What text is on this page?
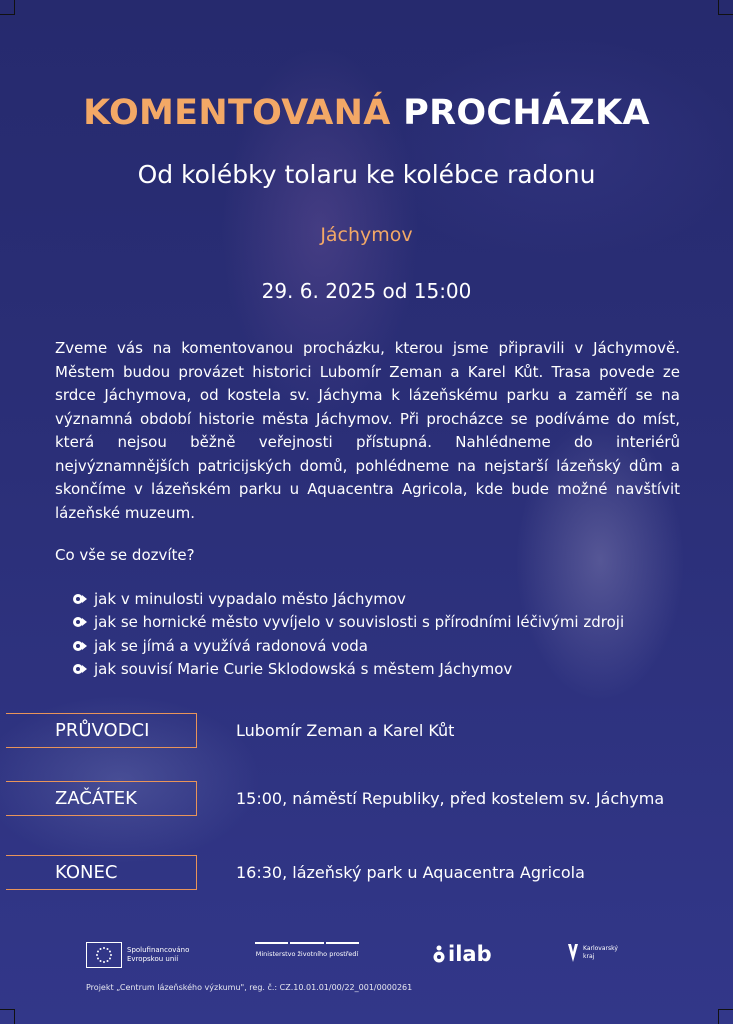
KOMENTOVANÁ PROCHÁZKA
Od kolébky tolaru ke kolébce radonu
Jáchymov
29. 6. 2025 od 15:00
Zveme vás na komentovanou procházku, kterou jsme připravili v Jáchymově. Městem budou provázet historici Lubomír Zeman a Karel Kůt. Trasa povede ze srdce Jáchymova, od kostela sv. Jáchyma k lázeňskému parku a zaměří se na významná období historie města Jáchymov. Při procházce se podíváme do míst, která nejsou běžně veřejnosti přístupná. Nahlédneme do interiérů nejvýznamnějších patricijských domů, pohlédneme na nejstarší lázeňský dům a skončíme v lázeňském parku u Aquacentra Agricola, kde bude možné navštívit lázeňské muzeum.
Co vše se dozvíte?
jak v minulosti vypadalo město Jáchymov
jak se hornické město vyvíjelo v souvislosti s přírodními léčivými zdroji
jak se jímá a využívá radonová voda
jak souvisí Marie Curie Sklodowská s městem Jáchymov
PRŮVODCI	Lubomír Zeman a Karel Kůt
ZAČÁTEK	15:00, náměstí Republiky, před kostelem sv. Jáchyma
KONEC	16:30, lázeňský park u Aquacentra Agricola
Spolufinancováno
Evropskou unií
Ministerstvo životního prostředí	ilab	Karlovarský
kraj
Projekt „Centrum lázeňského výzkumu", reg. č.: CZ.10.01.01/00/22_001/0000261
